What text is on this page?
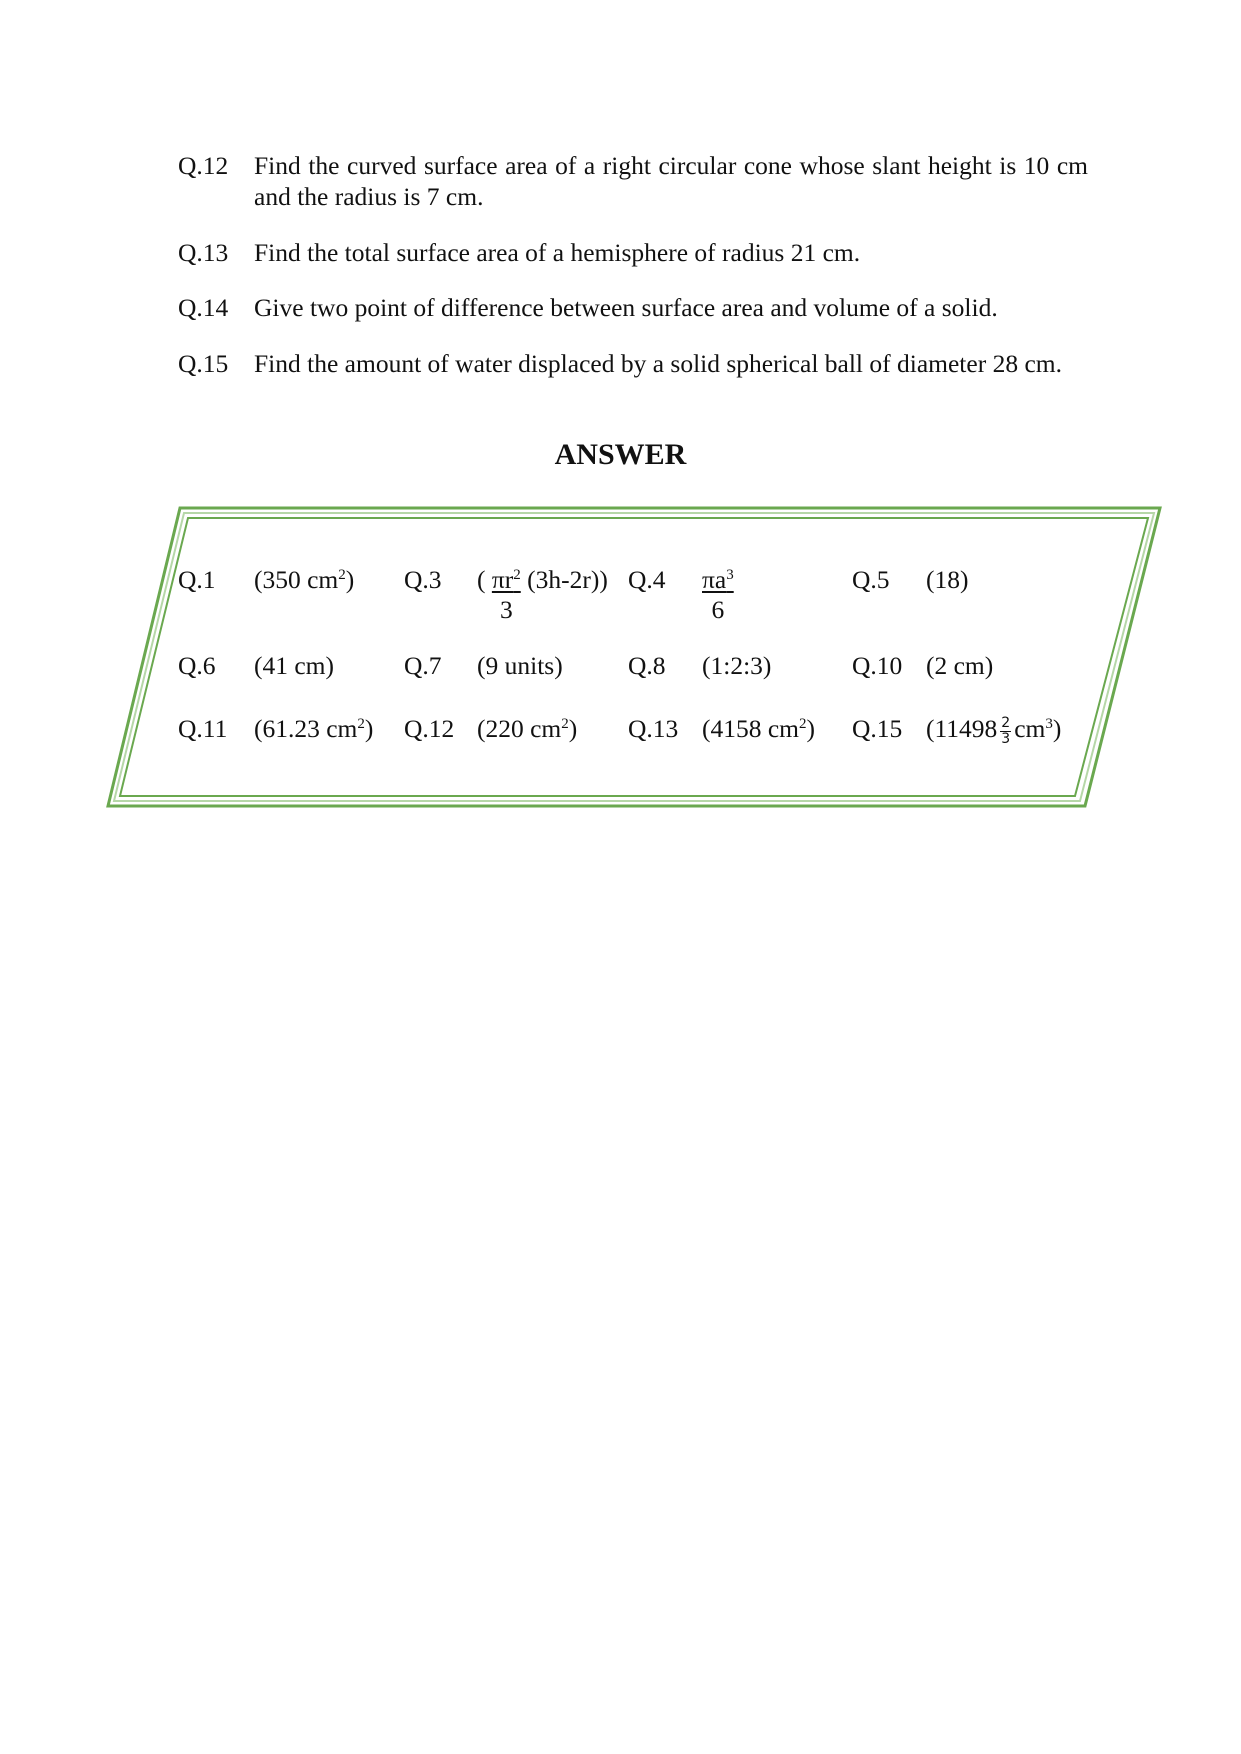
Q.12 Find the curved surface area of a right circular cone whose slant height is 10 cm and the radius is 7 cm.
Q.13 Find the total surface area of a hemisphere of radius 21 cm.
Q.14 Give two point of difference between surface area and volume of a solid.
Q.15 Find the amount of water displaced by a solid spherical ball of diameter 28 cm.
ANSWER
Q.1 (350 $cm^2$) Q.3 ( $\frac{\pi r^2}{3} (3h-2r)$) $Q.4 \frac{\pi a^3}{6}$	Q.5 (18)
Q.6 (41 cm)	Q.7 (9 units)	Q.8 (1:2:3)	Q.10 (2 cm)
Q.11 (61.23 $cm^2$) Q.12 (220 $cm^2$) Q.13 (4158 $cm^2$) Q.15 $(11498 \frac{2}{3} cm^3)$
